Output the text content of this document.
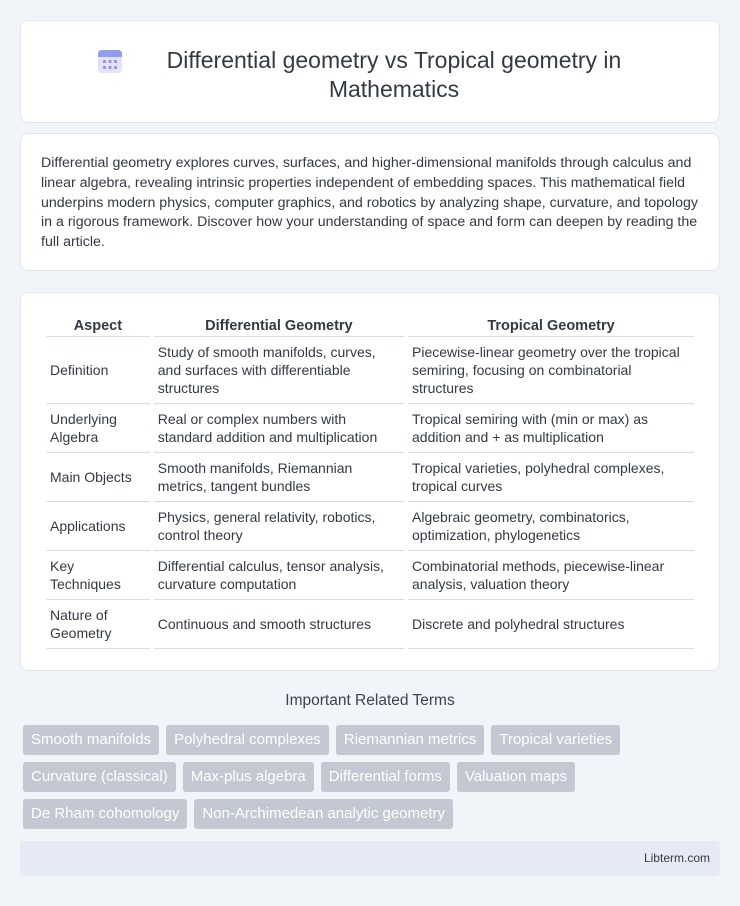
Differential geometry vs Tropical geometry in Mathematics

Differential geometry explores curves, surfaces, and higher-dimensional manifolds through calculus and linear algebra, revealing intrinsic properties independent of embedding spaces. This mathematical field underpins modern physics, computer graphics, and robotics by analyzing shape, curvature, and topology in a rigorous framework. Discover how your understanding of space and form can deepen by reading the full article.

Aspect	Differential Geometry	Tropical Geometry
Definition	Study of smooth manifolds, curves, and surfaces with differentiable structures	Piecewise-linear geometry over the tropical semiring, focusing on combinatorial structures
Underlying Algebra	Real or complex numbers with standard addition and multiplication	Tropical semiring with (min or max) as addition and + as multiplication
Main Objects	Smooth manifolds, Riemannian metrics, tangent bundles	Tropical varieties, polyhedral complexes, tropical curves
Applications	Physics, general relativity, robotics, control theory	Algebraic geometry, combinatorics, optimization, phylogenetics
Key Techniques	Differential calculus, tensor analysis, curvature computation	Combinatorial methods, piecewise-linear analysis, valuation theory
Nature of Geometry	Continuous and smooth structures	Discrete and polyhedral structures
Important Related Terms
Smooth manifolds	Polyhedral complexes	Riemannian metrics	Tropical varieties
Curvature (classical)	Max-plus algebra	Differential forms	Valuation maps
De Rham cohomology	Non-Archimedean analytic geometry
Libterm.com
